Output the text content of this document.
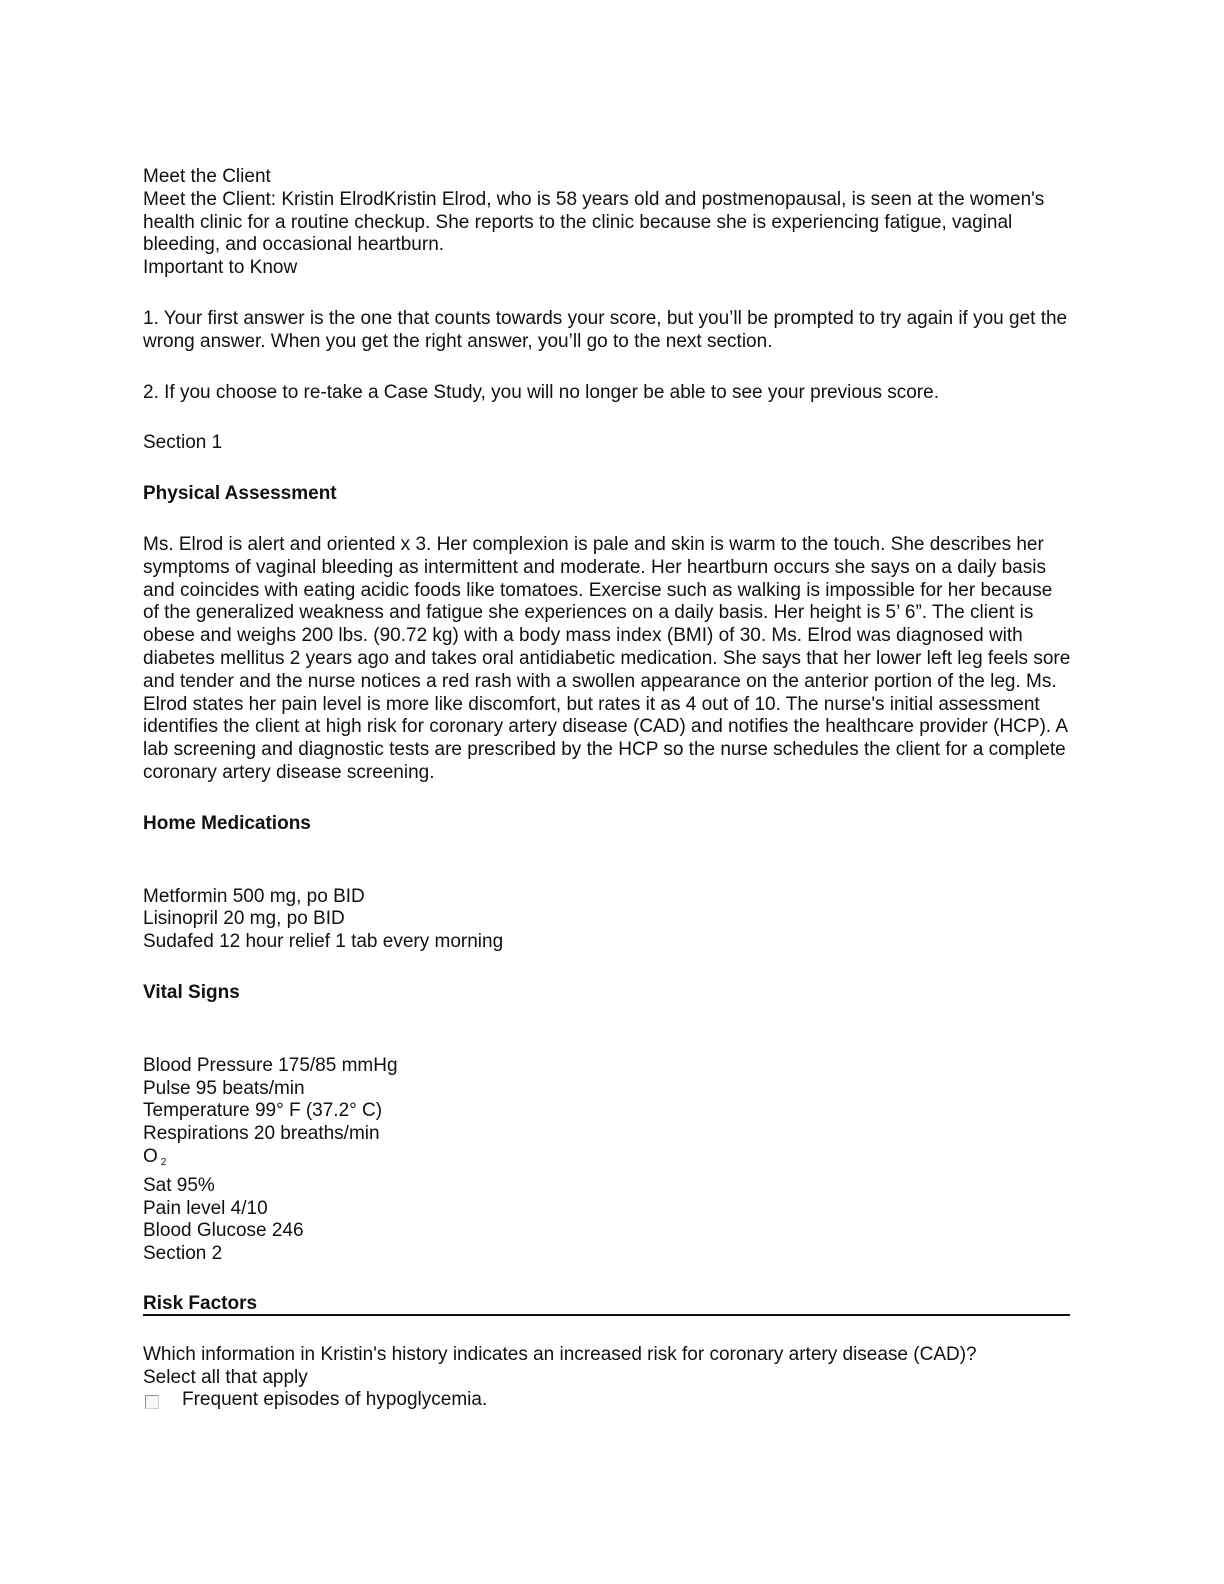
Meet the Client
Meet the Client: Kristin ElrodKristin Elrod, who is 58 years old and postmenopausal, is seen at the women's health clinic for a routine checkup. She reports to the clinic because she is experiencing fatigue, vaginal bleeding, and occasional heartburn.
Important to Know
1. Your first answer is the one that counts towards your score, but you’ll be prompted to try again if you get the wrong answer. When you get the right answer, you’ll go to the next section.
2. If you choose to re-take a Case Study, you will no longer be able to see your previous score.
Section 1
Physical Assessment
Ms. Elrod is alert and oriented x 3. Her complexion is pale and skin is warm to the touch. She describes her symptoms of vaginal bleeding as intermittent and moderate. Her heartburn occurs she says on a daily basis and coincides with eating acidic foods like tomatoes. Exercise such as walking is impossible for her because of the generalized weakness and fatigue she experiences on a daily basis. Her height is 5’ 6”. The client is obese and weighs 200 lbs. (90.72 kg) with a body mass index (BMI) of 30. Ms. Elrod was diagnosed with diabetes mellitus 2 years ago and takes oral antidiabetic medication. She says that her lower left leg feels sore and tender and the nurse notices a red rash with a swollen appearance on the anterior portion of the leg. Ms. Elrod states her pain level is more like discomfort, but rates it as 4 out of 10. The nurse's initial assessment identifies the client at high risk for coronary artery disease (CAD) and notifies the healthcare provider (HCP). A lab screening and diagnostic tests are prescribed by the HCP so the nurse schedules the client for a complete coronary artery disease screening.
Home Medications
Metformin 500 mg, po BID
Lisinopril 20 mg, po BID
Sudafed 12 hour relief 1 tab every morning
Vital Signs
Blood Pressure 175/85 mmHg
Pulse 95 beats/min
Temperature 99° F (37.2° C)
Respirations 20 breaths/min
O $_2$
Sat 95%
Pain level 4/10
Blood Glucose 246
Section 2
Risk Factors
Which information in Kristin's history indicates an increased risk for coronary artery disease (CAD)?
Select all that apply
Frequent episodes of hypoglycemia.
